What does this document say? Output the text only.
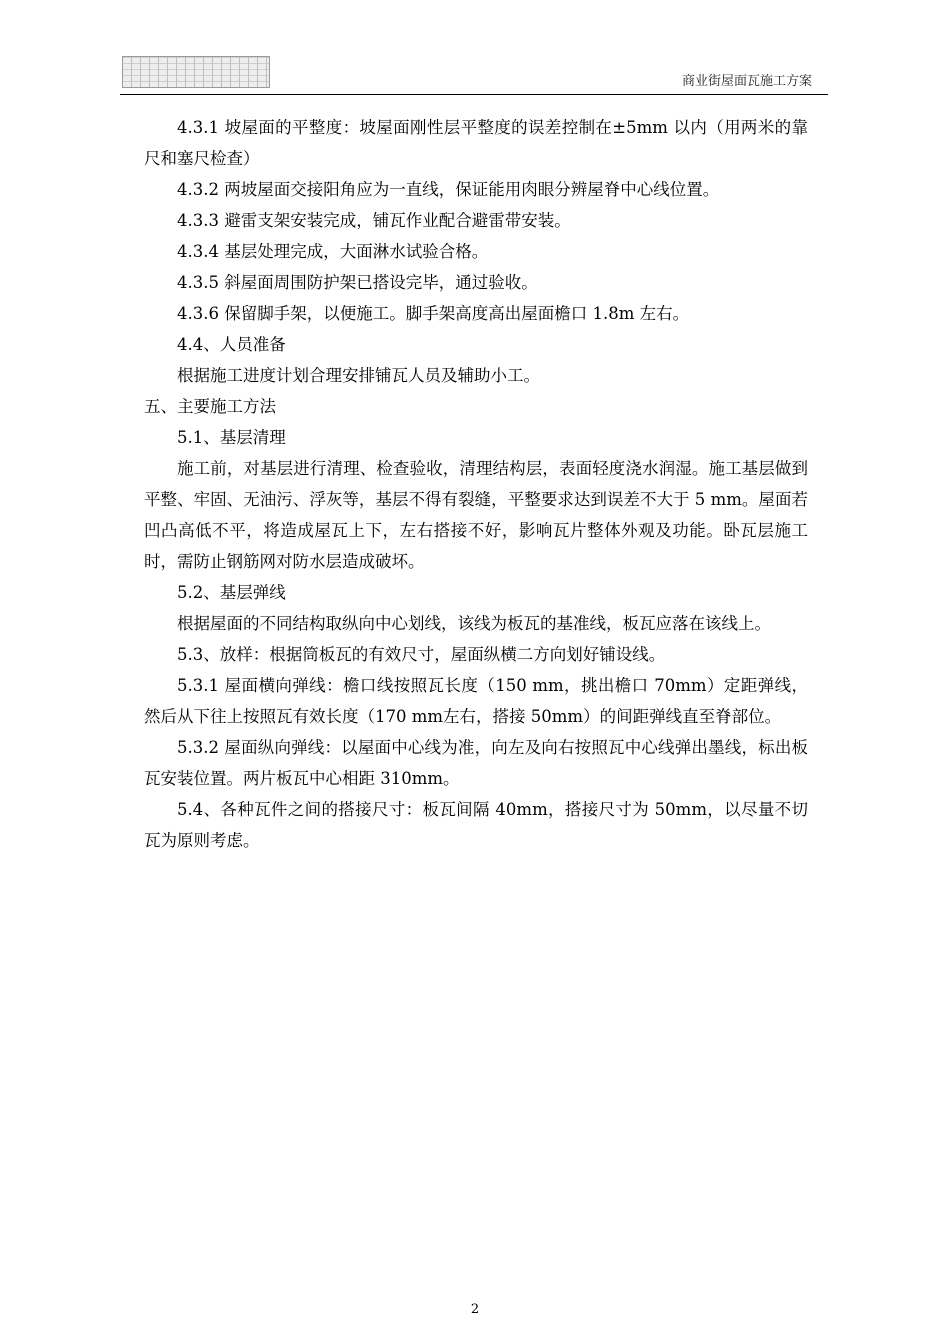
商业街屋面瓦施工方案

4.3.1 坡屋面的平整度：坡屋面刚性层平整度的误差控制在±5mm 以内（用两米的靠尺和塞尺检查）

4.3.2 两坡屋面交接阳角应为一直线，保证能用肉眼分辨屋脊中心线位置。

4.3.3 避雷支架安装完成，铺瓦作业配合避雷带安装。

4.3.4 基层处理完成，大面淋水试验合格。

4.3.5 斜屋面周围防护架已搭设完毕，通过验收。

4.3.6 保留脚手架，以便施工。脚手架高度高出屋面檐口 1.8m 左右。

4.4、人员准备

根据施工进度计划合理安排铺瓦人员及辅助小工。

五、主要施工方法

5.1、基层清理

施工前，对基层进行清理、检查验收，清理结构层，表面轻度浇水润湿。施工基层做到平整、牢固、无油污、浮灰等，基层不得有裂缝，平整要求达到误差不大于 5 mm。屋面若凹凸高低不平，将造成屋瓦上下，左右搭接不好，影响瓦片整体外观及功能。卧瓦层施工时，需防止钢筋网对防水层造成破坏。

5.2、基层弹线

根据屋面的不同结构取纵向中心划线，该线为板瓦的基准线，板瓦应落在该线上。

5.3、放样：根据筒板瓦的有效尺寸，屋面纵横二方向划好铺设线。

5.3.1 屋面横向弹线：檐口线按照瓦长度（150 mm，挑出檐口 70mm）定距弹线，然后从下往上按照瓦有效长度（170 mm左右，搭接 50mm）的间距弹线直至脊部位。

5.3.2 屋面纵向弹线：以屋面中心线为准，向左及向右按照瓦中心线弹出墨线，标出板瓦安装位置。两片板瓦中心相距 310mm。

5.4、各种瓦件之间的搭接尺寸：板瓦间隔 40mm，搭接尺寸为 50mm，以尽量不切瓦为原则考虑。

2
